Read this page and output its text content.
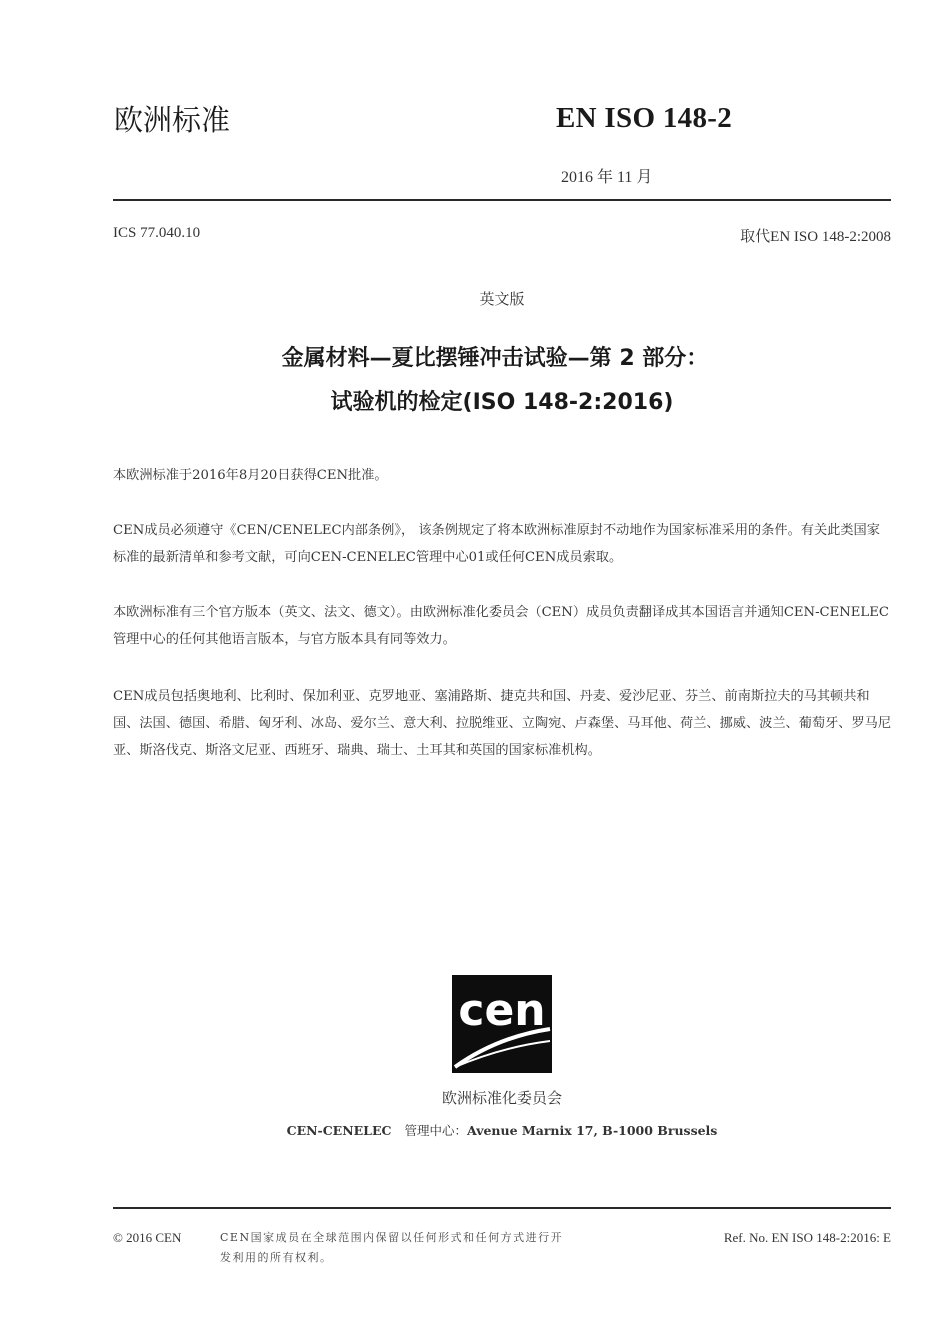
欧洲标准	EN ISO 148-2
2016 年 11 月
ICS 77.040.10	取代EN ISO 148-2:2008
英文版
金属材料—夏比摆锤冲击试验—第 2 部分：
试验机的检定(ISO 148-2:2016)
本欧洲标准于2016年8月20日获得CEN批准。
CEN成员必须遵守《CEN/CENELEC内部条例》， 该条例规定了将本欧洲标准原封不动地作为国家标准采用的条件。有关此类国家标准的最新清单和参考文献，可向CEN-CENELEC管理中心01或任何CEN成员索取。
本欧洲标准有三个官方版本（英文、法文、德文）。由欧洲标准化委员会（CEN）成员负责翻译成其本国语言并通知CEN-CENELEC管理中心的任何其他语言版本，与官方版本具有同等效力。
CEN成员包括奥地利、比利时、保加利亚、克罗地亚、塞浦路斯、捷克共和国、丹麦、爱沙尼亚、芬兰、前南斯拉夫的马其顿共和国、法国、德国、希腊、匈牙利、冰岛、爱尔兰、意大利、拉脱维亚、立陶宛、卢森堡、马耳他、荷兰、挪威、波兰、葡萄牙、罗马尼亚、斯洛伐克、斯洛文尼亚、西班牙、瑞典、瑞士、土耳其和英国的国家标准机构。
cen
欧洲标准化委员会
CEN-CENELEC 管理中心：Avenue Marnix 17, B-1000 Brussels
© 2016 CEN	CEN国家成员在全球范围内保留以任何形式和任何方式进行开发利用的所有权利。
Ref. No. EN ISO 148-2:2016: E
